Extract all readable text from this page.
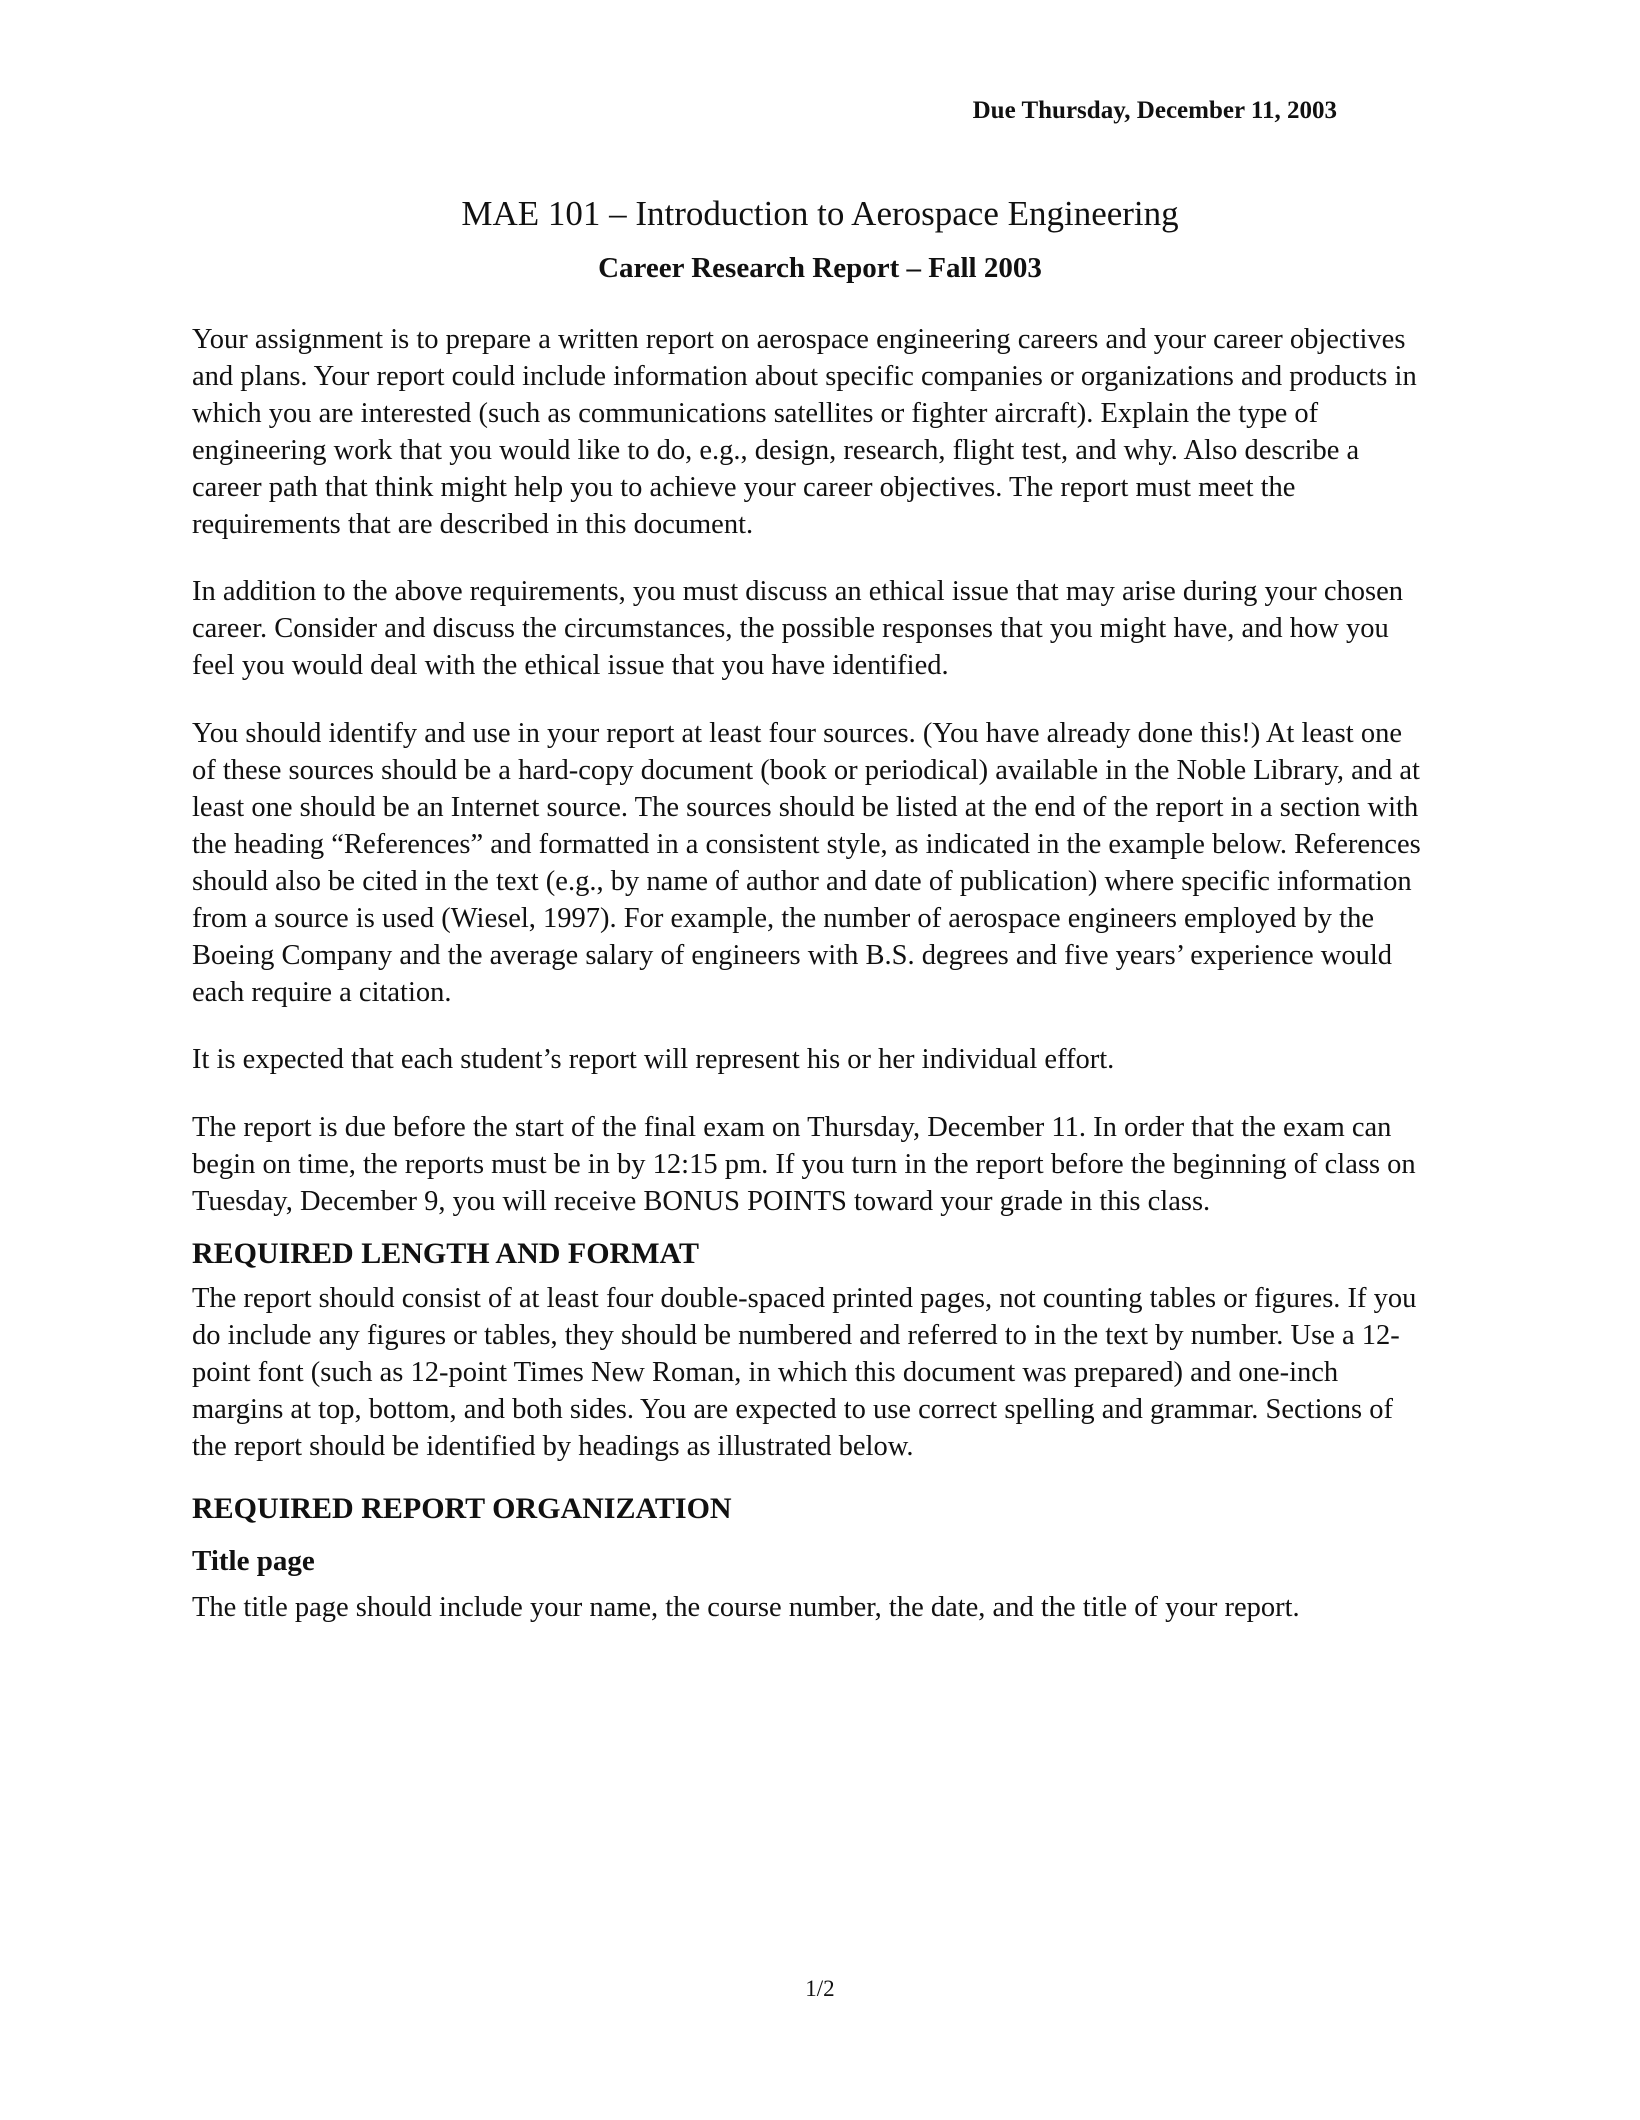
Due Thursday, December 11, 2003
MAE 101 – Introduction to Aerospace Engineering
Career Research Report – Fall 2003

Your assignment is to prepare a written report on aerospace engineering careers and your career objectives and plans. Your report could include information about specific companies or organizations and products in which you are interested (such as communications satellites or fighter aircraft). Explain the type of engineering work that you would like to do, e.g., design, research, flight test, and why. Also describe a career path that think might help you to achieve your career objectives. The report must meet the requirements that are described in this document.

In addition to the above requirements, you must discuss an ethical issue that may arise during your chosen career. Consider and discuss the circumstances, the possible responses that you might have, and how you feel you would deal with the ethical issue that you have identified.

You should identify and use in your report at least four sources. (You have already done this!) At least one of these sources should be a hard-copy document (book or periodical) available in the Noble Library, and at least one should be an Internet source. The sources should be listed at the end of the report in a section with the heading “References” and formatted in a consistent style, as indicated in the example below. References should also be cited in the text (e.g., by name of author and date of publication) where specific information from a source is used (Wiesel, 1997). For example, the number of aerospace engineers employed by the Boeing Company and the average salary of engineers with B.S. degrees and five years’ experience would each require a citation.

It is expected that each student’s report will represent his or her individual effort.

The report is due before the start of the final exam on Thursday, December 11. In order that the exam can begin on time, the reports must be in by 12:15 pm. If you turn in the report before the beginning of class on Tuesday, December 9, you will receive BONUS POINTS toward your grade in this class.

REQUIRED LENGTH AND FORMAT

The report should consist of at least four double-spaced printed pages, not counting tables or figures. If you do include any figures or tables, they should be numbered and referred to in the text by number. Use a 12-point font (such as 12-point Times New Roman, in which this document was prepared) and one-inch margins at top, bottom, and both sides. You are expected to use correct spelling and grammar. Sections of the report should be identified by headings as illustrated below.

REQUIRED REPORT ORGANIZATION
Title page

The title page should include your name, the course number, the date, and the title of your report.

1/2
